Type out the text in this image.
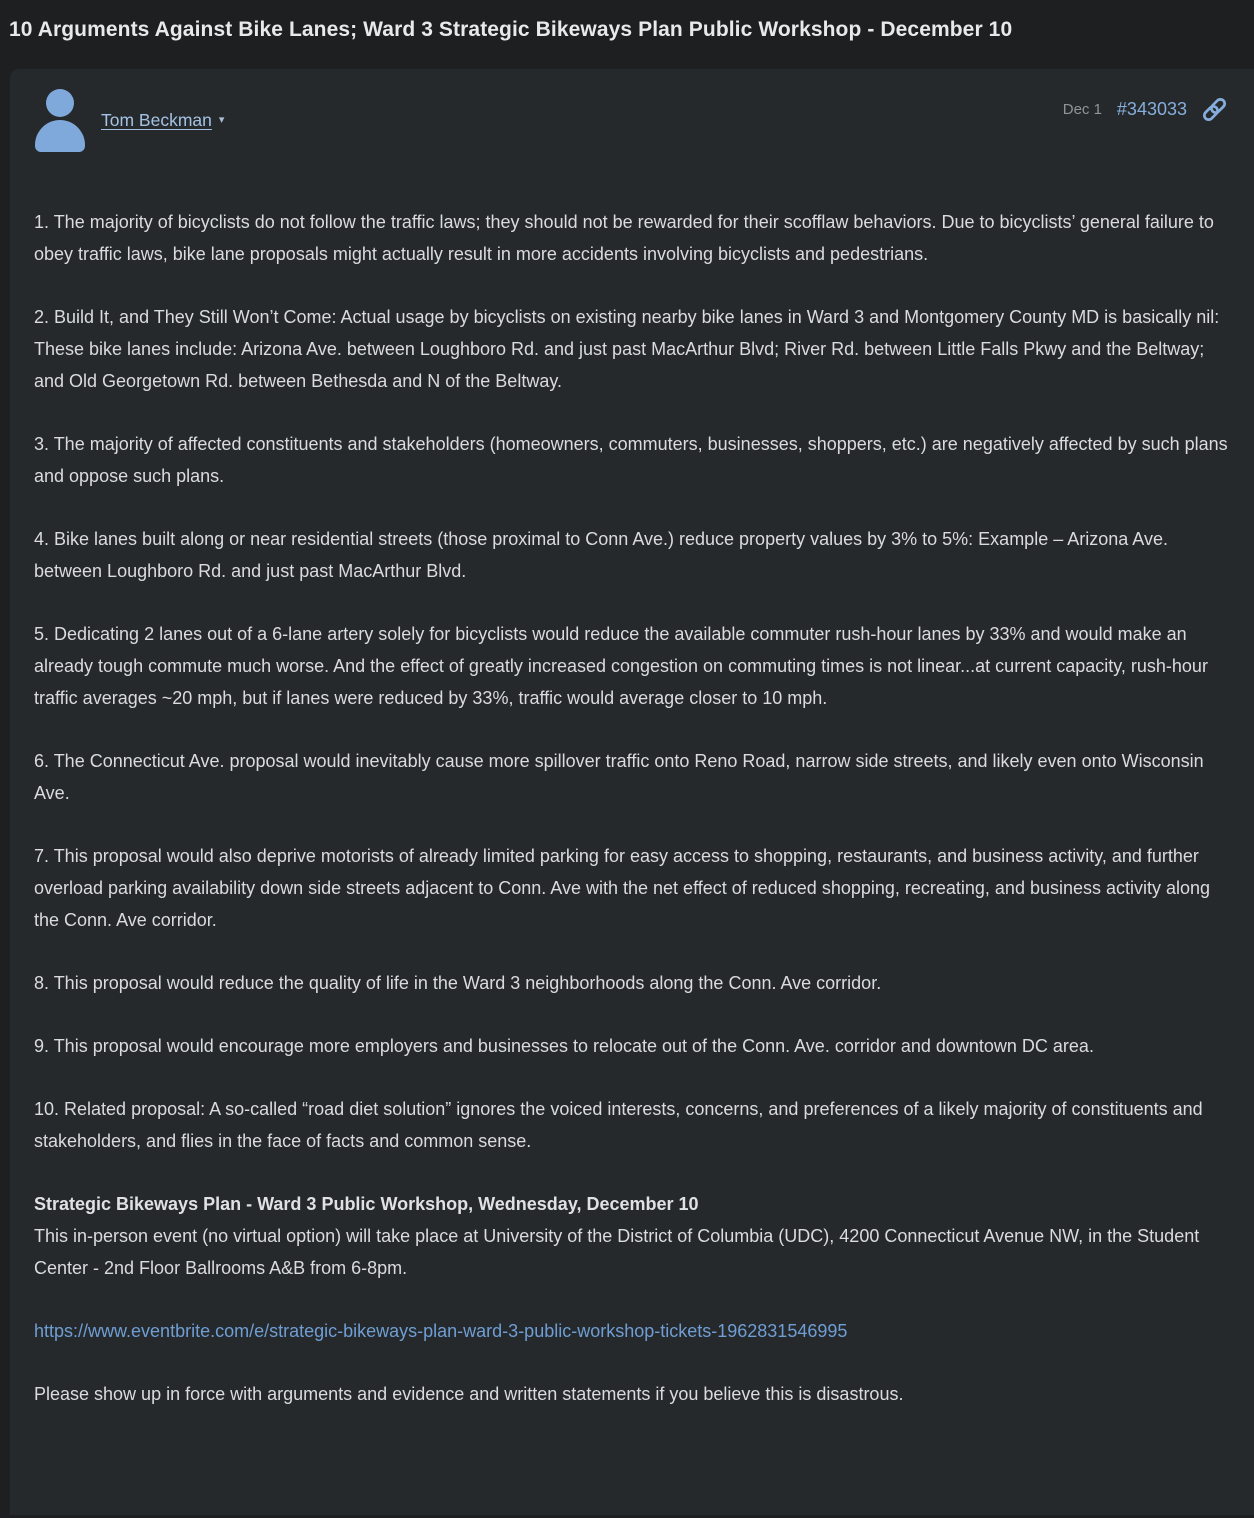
10 Arguments Against Bike Lanes; Ward 3 Strategic Bikeways Plan Public Workshop - December 10
Tom Beckman ▾
Dec 1 #343033

1. The majority of bicyclists do not follow the traffic laws; they should not be rewarded for their scofflaw behaviors. Due to bicyclists’ general failure to obey traffic laws, bike lane proposals might actually result in more accidents involving bicyclists and pedestrians.

2. Build It, and They Still Won’t Come: Actual usage by bicyclists on existing nearby bike lanes in Ward 3 and Montgomery County MD is basically nil: These bike lanes include: Arizona Ave. between Loughboro Rd. and just past MacArthur Blvd; River Rd. between Little Falls Pkwy and the Beltway; and Old Georgetown Rd. between Bethesda and N of the Beltway.

3. The majority of affected constituents and stakeholders (homeowners, commuters, businesses, shoppers, etc.) are negatively affected by such plans and oppose such plans.

4. Bike lanes built along or near residential streets (those proximal to Conn Ave.) reduce property values by 3% to 5%: Example – Arizona Ave. between Loughboro Rd. and just past MacArthur Blvd.

5. Dedicating 2 lanes out of a 6-lane artery solely for bicyclists would reduce the available commuter rush-hour lanes by 33% and would make an already tough commute much worse. And the effect of greatly increased congestion on commuting times is not linear...at current capacity, rush-hour traffic averages ~20 mph, but if lanes were reduced by 33%, traffic would average closer to 10 mph.

6. The Connecticut Ave. proposal would inevitably cause more spillover traffic onto Reno Road, narrow side streets, and likely even onto Wisconsin Ave.

7. This proposal would also deprive motorists of already limited parking for easy access to shopping, restaurants, and business activity, and further overload parking availability down side streets adjacent to Conn. Ave with the net effect of reduced shopping, recreating, and business activity along the Conn. Ave corridor.

8. This proposal would reduce the quality of life in the Ward 3 neighborhoods along the Conn. Ave corridor.

9. This proposal would encourage more employers and businesses to relocate out of the Conn. Ave. corridor and downtown DC area.

10. Related proposal: A so-called “road diet solution” ignores the voiced interests, concerns, and preferences of a likely majority of constituents and stakeholders, and flies in the face of facts and common sense.

Strategic Bikeways Plan - Ward 3 Public Workshop, Wednesday, December 10
This in-person event (no virtual option) will take place at University of the District of Columbia (UDC), 4200 Connecticut Avenue NW, in the Student Center - 2nd Floor Ballrooms A&B from 6-8pm.

https://www.eventbrite.com/e/strategic-bikeways-plan-ward-3-public-workshop-tickets-1962831546995

Please show up in force with arguments and evidence and written statements if you believe this is disastrous.
